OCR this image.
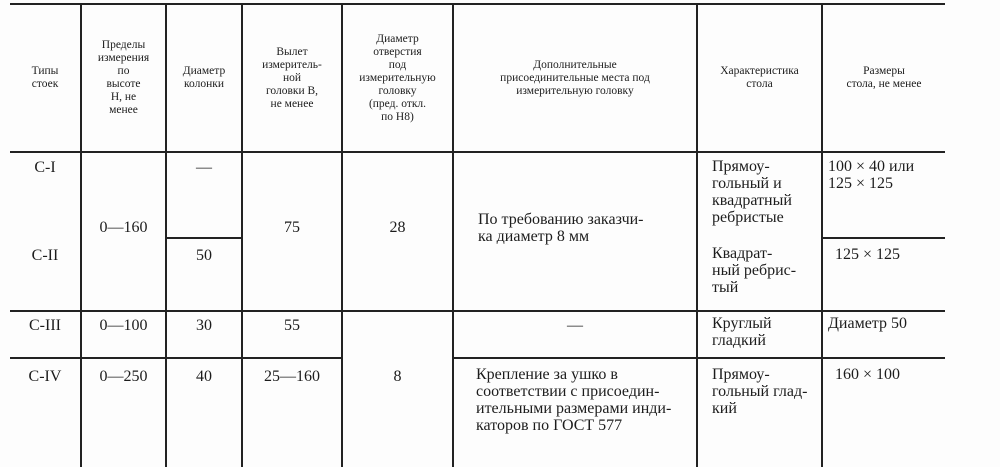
Типы
стоек
Пределы
измерения
по
высоте
H, не
менее
Диаметр
колонки
Вылет
измеритель-
ной
головки B,
не менее
Диаметр
отверстия
под
измерительную
головку
(пред. откл.
по H8)
Дополнительные
присоединительные места под
измерительную головку
Характеристика
стола
Размеры
стола, не менее
С-I
С-II
С-III
С-IV
0—160
0—100
0—250
—
50
30
40
75
55
25—160
28
8
По требованию заказчи-
ка диаметр 8 мм
—
Крепление за ушко в
соответствии с присоедин-
ительными размерами инди-
каторов по ГОСТ 577
Прямоу-
гольный и
квадратный
ребристые
Квадрат-
ный ребрис-
тый
Круглый
гладкий
Прямоу-
гольный глад-
кий
100 × 40 или
125 × 125
125 × 125
Диаметр 50
160 × 100
